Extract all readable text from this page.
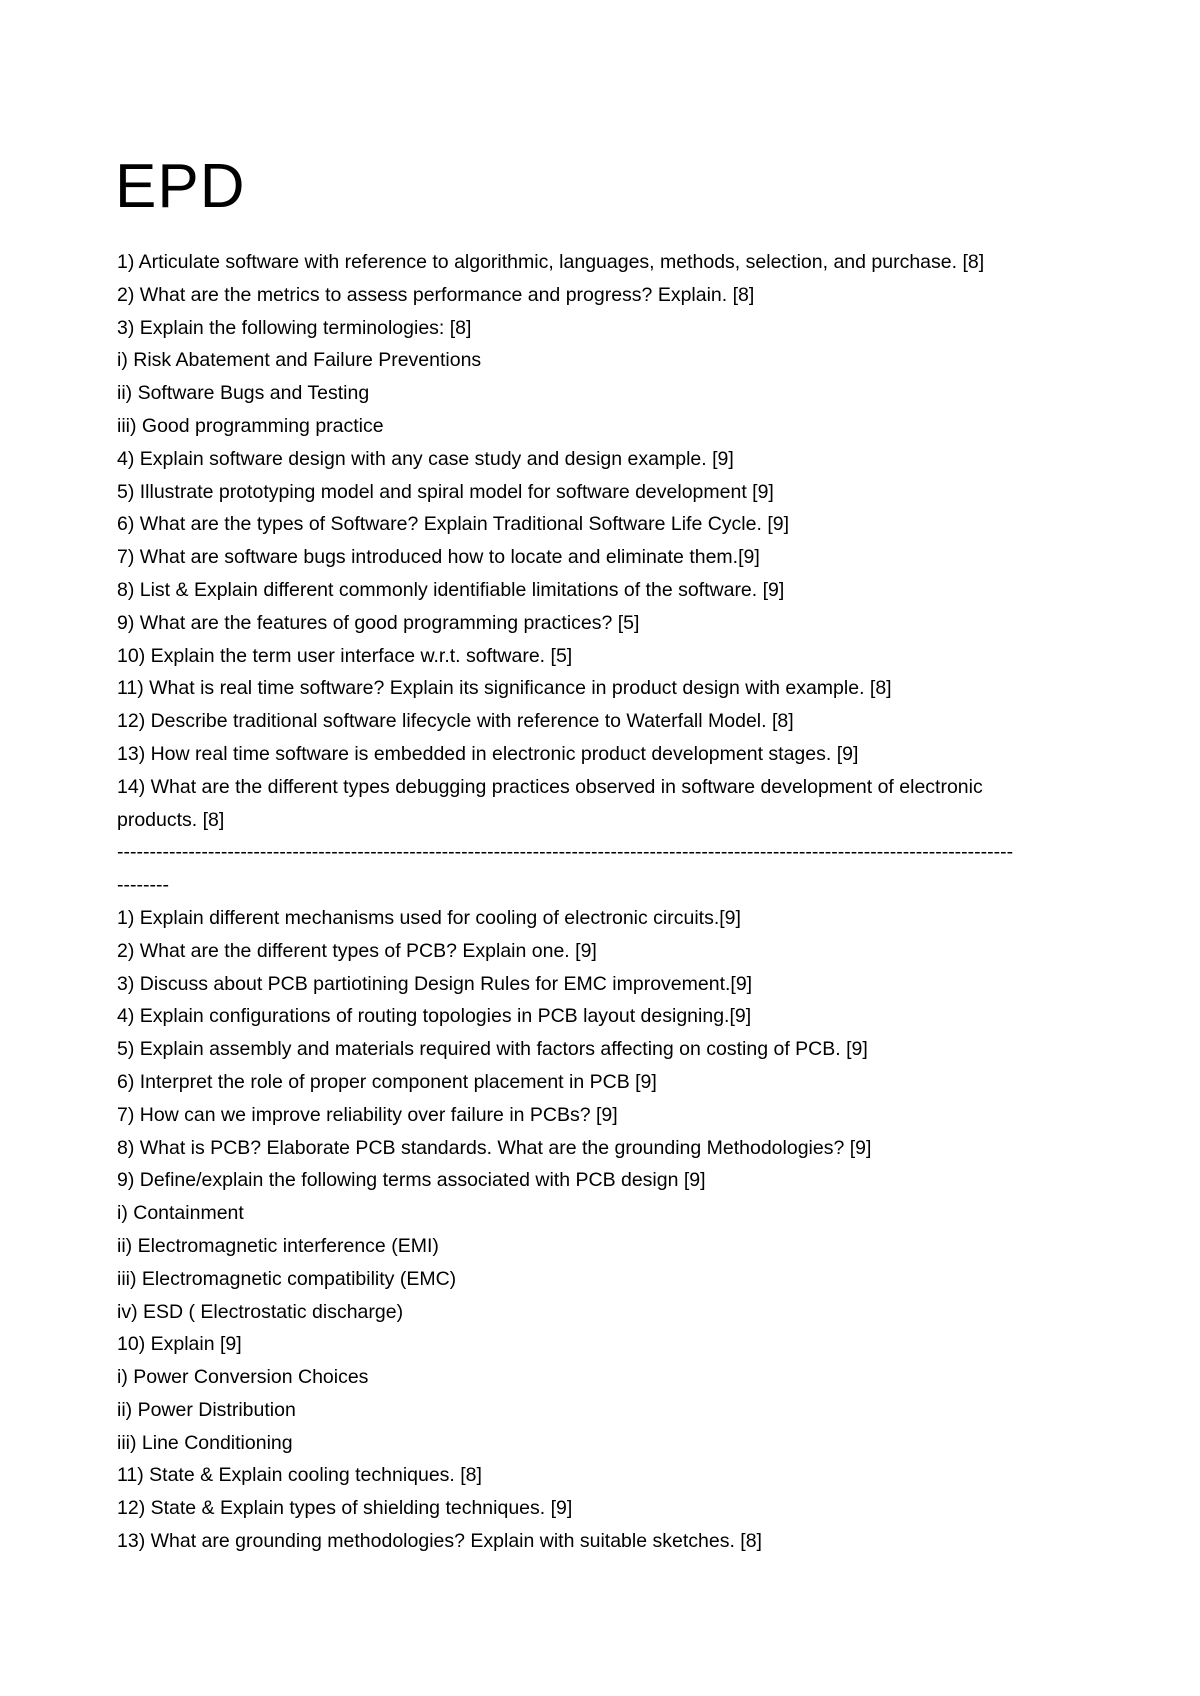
EPD

1) Articulate software with reference to algorithmic, languages, methods, selection, and purchase. [8]

2) What are the metrics to assess performance and progress? Explain. [8]

3) Explain the following terminologies: [8]

i) Risk Abatement and Failure Preventions

ii) Software Bugs and Testing

iii) Good programming practice

4) Explain software design with any case study and design example. [9]

5) Illustrate prototyping model and spiral model for software development [9]

6) What are the types of Software? Explain Traditional Software Life Cycle. [9]

7) What are software bugs introduced how to locate and eliminate them.[9]

8) List & Explain different commonly identifiable limitations of the software. [9]

9) What are the features of good programming practices? [5]

10) Explain the term user interface w.r.t. software. [5]

11) What is real time software? Explain its significance in product design with example. [8]

12) Describe traditional software lifecycle with reference to Waterfall Model. [8]

13) How real time software is embedded in electronic product development stages. [9]

14) What are the different types debugging practices observed in software development of electronic

products. [8]

------------------------------------------------------------------------------------------------------------------------------------------

--------

1) Explain different mechanisms used for cooling of electronic circuits.[9]

2) What are the different types of PCB? Explain one. [9]

3) Discuss about PCB partiotining Design Rules for EMC improvement.[9]

4) Explain configurations of routing topologies in PCB layout designing.[9]

5) Explain assembly and materials required with factors affecting on costing of PCB. [9]

6) Interpret the role of proper component placement in PCB [9]

7) How can we improve reliability over failure in PCBs? [9]

8) What is PCB? Elaborate PCB standards. What are the grounding Methodologies? [9]

9) Define/explain the following terms associated with PCB design [9]

i) Containment

ii) Electromagnetic interference (EMI)

iii) Electromagnetic compatibility (EMC)

iv) ESD ( Electrostatic discharge)

10) Explain [9]

i) Power Conversion Choices

ii) Power Distribution

iii) Line Conditioning

11) State & Explain cooling techniques. [8]

12) State & Explain types of shielding techniques. [9]

13) What are grounding methodologies? Explain with suitable sketches. [8]
